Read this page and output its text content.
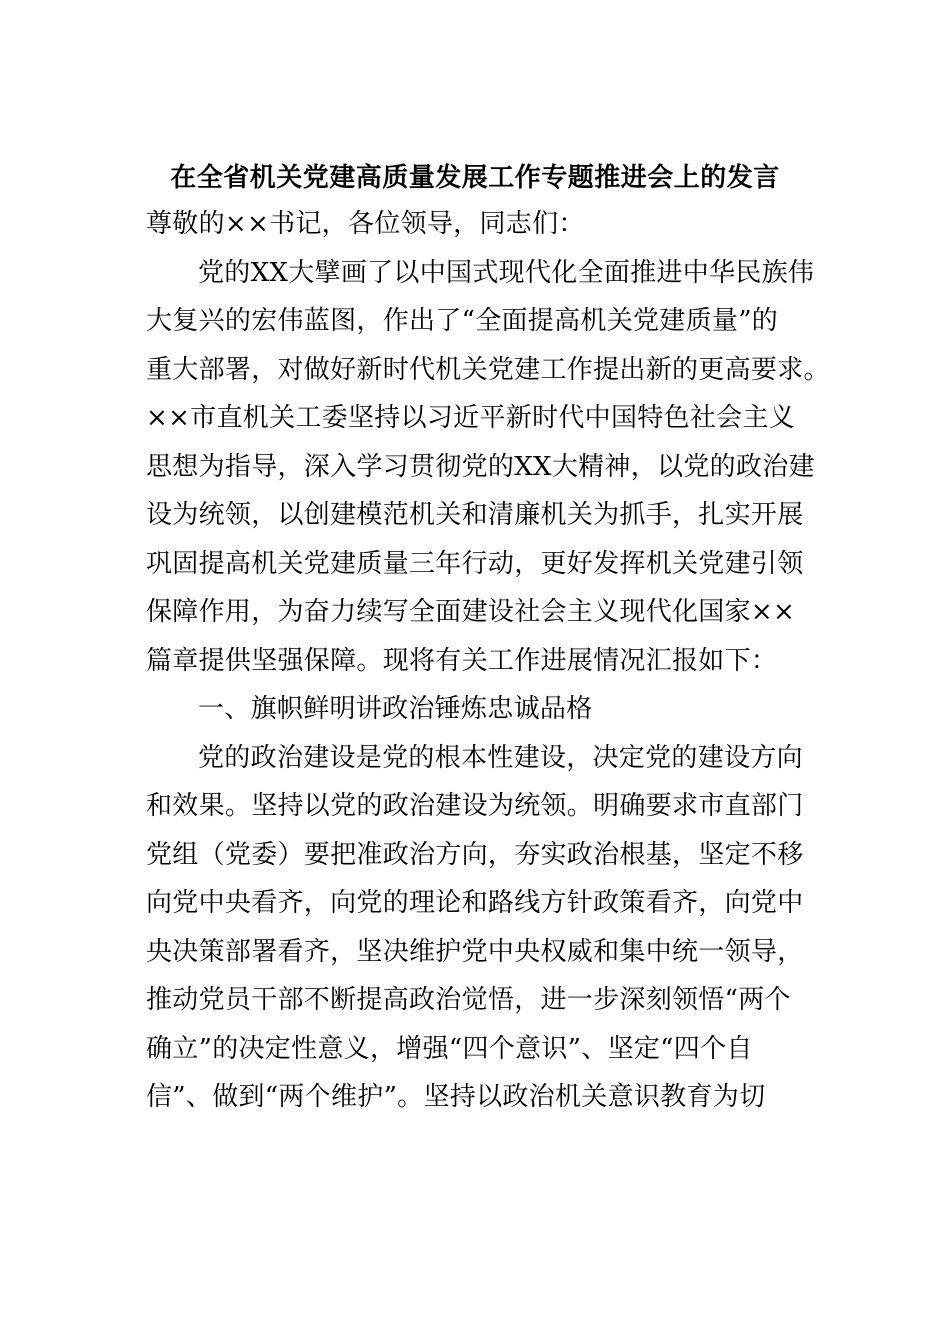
在全省机关党建高质量发展工作专题推进会上的发言
尊敬的××书记，各位领导，同志们：
党的XX大擘画了以中国式现代化全面推进中华民族伟
大复兴的宏伟蓝图，作出了“全面提高机关党建质量”的
重大部署，对做好新时代机关党建工作提出新的更高要求。
××市直机关工委坚持以习近平新时代中国特色社会主义
思想为指导，深入学习贯彻党的XX大精神，以党的政治建
设为统领，以创建模范机关和清廉机关为抓手，扎实开展
巩固提高机关党建质量三年行动，更好发挥机关党建引领
保障作用，为奋力续写全面建设社会主义现代化国家××
篇章提供坚强保障。现将有关工作进展情况汇报如下：
一、旗帜鲜明讲政治锤炼忠诚品格
党的政治建设是党的根本性建设，决定党的建设方向
和效果。坚持以党的政治建设为统领。明确要求市直部门
党组（党委）要把准政治方向，夯实政治根基，坚定不移
向党中央看齐，向党的理论和路线方针政策看齐，向党中
央决策部署看齐，坚决维护党中央权威和集中统一领导，
推动党员干部不断提高政治觉悟，进一步深刻领悟“两个
确立”的决定性意义，增强“四个意识”、坚定“四个自
信”、做到“两个维护”。坚持以政治机关意识教育为切
